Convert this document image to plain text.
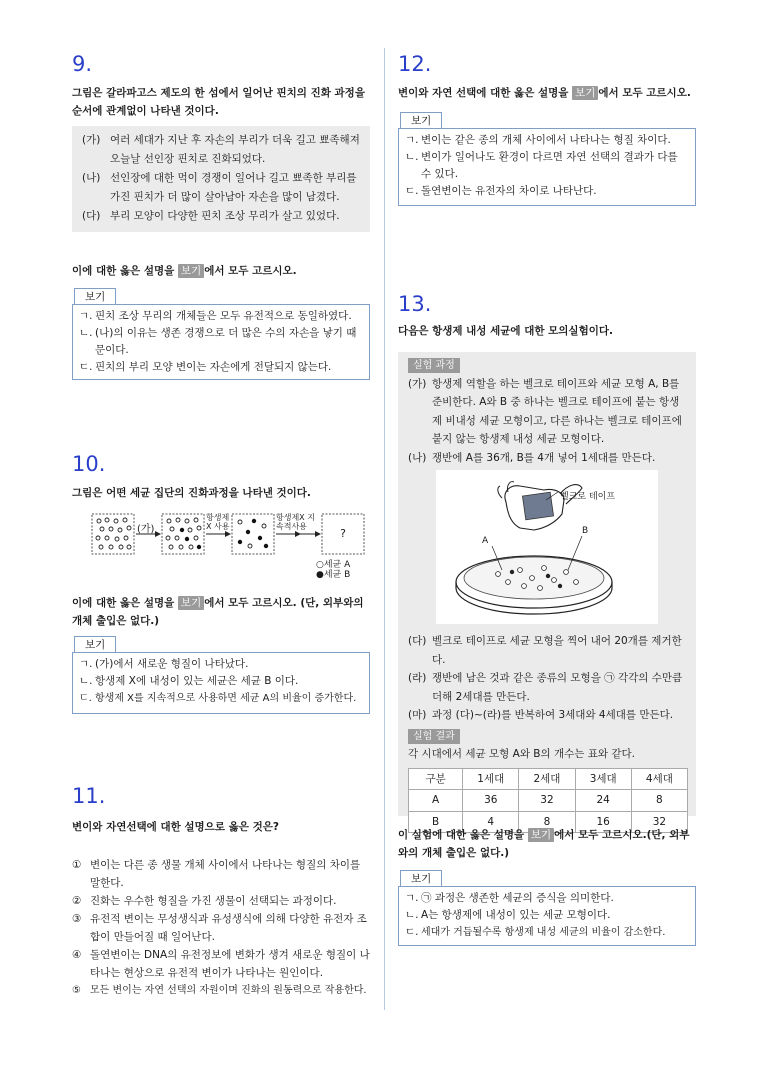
9.
그림은 갈라파고스 제도의 한 섬에서 일어난 핀치의 진화 과정을 순서에 관계없이 나타낸 것이다.
(가) 여러 세대가 지난 후 자손의 부리가 더욱 길고 뾰족해져 오늘날 선인장 핀치로 진화되었다.
(나) 선인장에 대한 먹이 경쟁이 일어나 길고 뾰족한 부리를 가진 핀치가 더 많이 살아남아 자손을 많이 남겼다.
(다) 부리 모양이 다양한 핀치 조상 무리가 살고 있었다.
이에 대한 옳은 설명을 보기 에서 모두 고르시오.
보기
ㄱ. 핀치 조상 무리의 개체들은 모두 유전적으로 동일하였다.
ㄴ. (나)의 이유는 생존 경쟁으로 더 많은 수의 자손을 낳기 때문이다.
ㄷ. 핀치의 부리 모양 변이는 자손에게 전달되지 않는다.
10.
그림은 어떤 세균 집단의 진화과정을 나타낸 것이다.
(가)
항생제X 사용
항생제X 지속적사용
?
○세균 A
●세균 B
이에 대한 옳은 설명을 보기 에서 모두 고르시오. (단, 외부와의 개체 출입은 없다.)
보기
ㄱ. (가)에서 새로운 형질이 나타났다.
ㄴ. 항생제 X에 내성이 있는 세균은 세균 B 이다.
ㄷ. 항생제 X를 지속적으로 사용하면 세균 A의 비율이 증가한다.
11.
변이와 자연선택에 대한 설명으로 옳은 것은?
① 변이는 다른 종 생물 개체 사이에서 나타나는 형질의 차이를 말한다.
② 진화는 우수한 형질을 가진 생물이 선택되는 과정이다.
③ 유전적 변이는 무성생식과 유성생식에 의해 다양한 유전자 조합이 만들어질 때 일어난다.
④ 돌연변이는 DNA의 유전정보에 변화가 생겨 새로운 형질이 나타나는 현상으로 유전적 변이가 나타나는 원인이다.
⑤ 모든 변이는 자연 선택의 자원이며 진화의 원동력으로 작용한다.
12.
변이와 자연 선택에 대한 옳은 설명을 보기 에서 모두 고르시오.
보기
ㄱ. 변이는 같은 종의 개체 사이에서 나타나는 형질 차이다.
ㄴ. 변이가 일어나도 환경이 다르면 자연 선택의 결과가 다를 수 있다.
ㄷ. 돌연변이는 유전자의 차이로 나타난다.
13.
다음은 항생제 내성 세균에 대한 모의실험이다.
실험 과정
(가) 항생제 역할을 하는 벨크로 테이프와 세균 모형 A, B를 준비한다. A와 B 중 하나는 벨크로 테이프에 붙는 항생제 비내성 세균 모형이고, 다른 하나는 벨크로 테이프에 붙지 않는 항생제 내성 세균 모형이다.
(나) 쟁반에 A를 36개, B를 4개 넣어 1세대를 만든다.
벨크로 테이프
A
B
(다) 벨크로 테이프로 세균 모형을 찍어 내어 20개를 제거한다.
(라) 쟁반에 남은 것과 같은 종류의 모형을 ㉠ 각각의 수만큼 더해 2세대를 만든다.
(마) 과정 (다)~(라)를 반복하여 3세대와 4세대를 만든다.
실험 결과
각 시대에서 세균 모형 A와 B의 개수는 표와 같다.
구분	1세대	2세대	3세대	4세대
A	36	32	24	8
B	4	8	16	32
이 실험에 대한 옳은 설명을 보기 에서 모두 고르시오.(단, 외부와의 개체 출입은 없다.)
보기
ㄱ. ㉠ 과정은 생존한 세균의 증식을 의미한다.
ㄴ. A는 항생제에 내성이 있는 세균 모형이다.
ㄷ. 세대가 거듭될수록 항생제 내성 세균의 비율이 감소한다.
